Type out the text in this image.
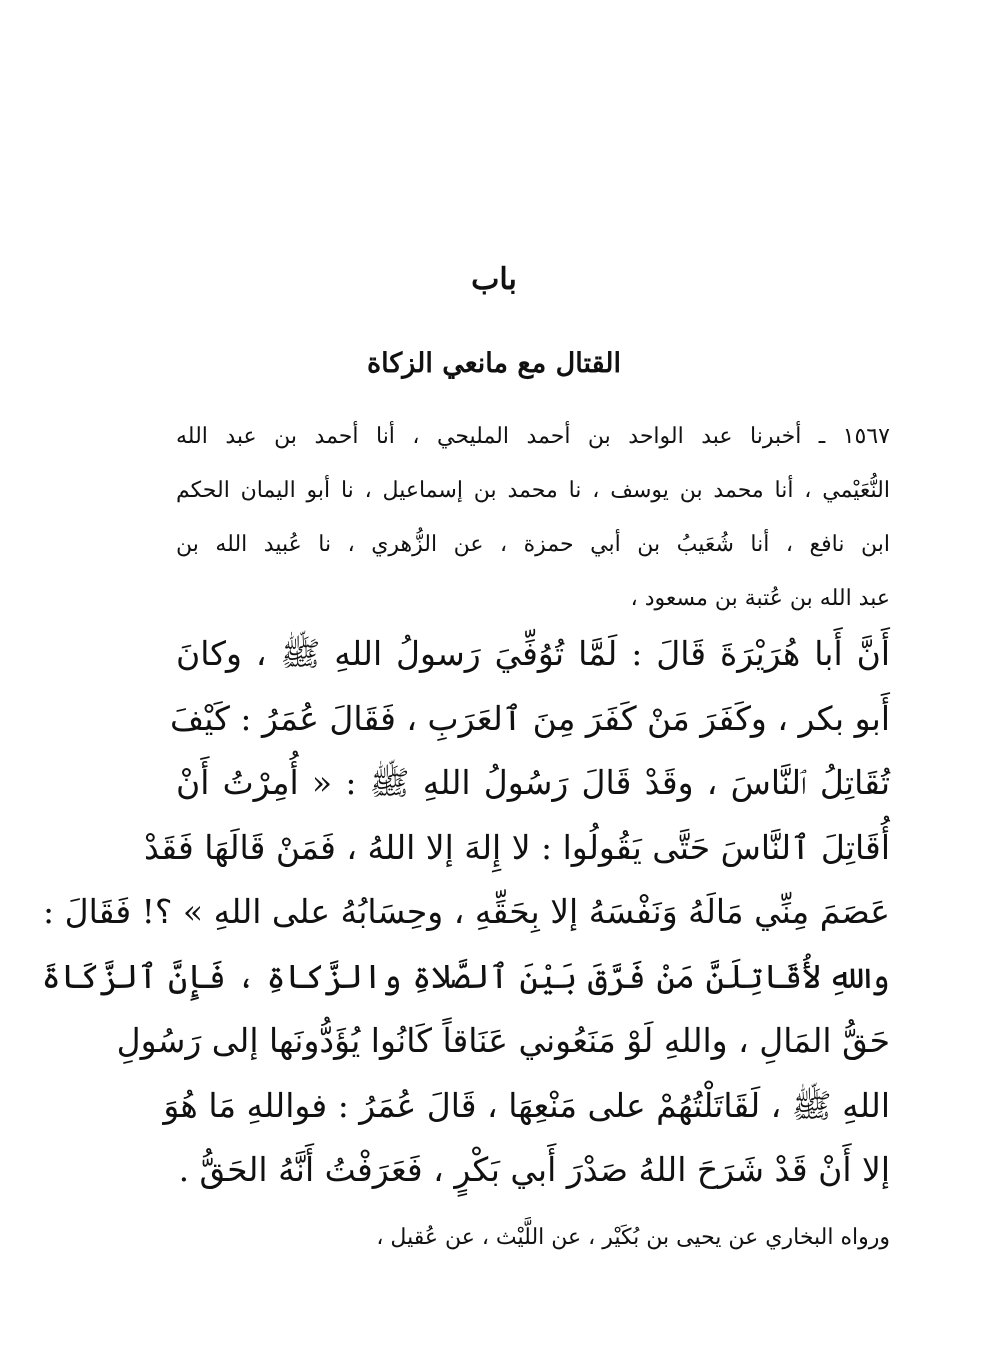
باب
القتال مع مانعي الزكاة
١٥٦٧ ـ أخبرنا عبد الواحد بن أحمد المليحي ، أنا أحمد بن عبد الله
النُّعَيْمي ، أنا محمد بن يوسف ، نا محمد بن إسماعيل ، نا أبو اليمان الحكم
ابن نافع ، أنا شُعَيبُ بن أبي حمزة ، عن الزُّهري ، نا عُبيد الله بن
عبد الله بن عُتبة بن مسعود ،
أَنَّ أَبا هُرَيْرَةَ قَالَ : لَمَّا تُوُفِّيَ رَسولُ اللهِ ﷺ ، وكانَ
أَبو بكر ، وكَفَرَ مَنْ كَفَرَ مِنَ ٱلعَرَبِ ، فَقَالَ عُمَرُ : كَيْفَ
تُقَاتِلُ ٱلنَّاسَ ، وقَدْ قَالَ رَسُولُ اللهِ ﷺ : « أُمِرْتُ أَنْ
أُقَاتِلَ ٱلنَّاسَ حَتَّى يَقُولُوا : لا إِلهَ إلا اللهُ ، فَمَنْ قَالَهَا فَقَدْ
عَصَمَ مِنِّي مَالَهُ وَنَفْسَهُ إلا بِحَقِّهِ ، وحِسَابُهُ على اللهِ » ؟! فَقَالَ :
واللهِ لأُقَاتِلَنَّ مَنْ فَرَّقَ بَيْنَ ٱلصَّلاةِ والزَّكاةِ ، فَإِنَّ ٱلزَّكَاةَ
حَقُّ المَالِ ، واللهِ لَوْ مَنَعُوني عَنَاقاً كَانُوا يُؤَدُّونَها إلى رَسُولِ
اللهِ ﷺ ، لَقَاتَلْتُهُمْ على مَنْعِهَا ، قَالَ عُمَرُ : فواللهِ مَا هُوَ
إلا أَنْ قَدْ شَرَحَ اللهُ صَدْرَ أَبي بَكْرٍ ، فَعَرَفْتُ أَنَّهُ الحَقُّ .
ورواه البخاري عن يحيى بن بُكَيْر ، عن اللَّيْث ، عن عُقيل ،
